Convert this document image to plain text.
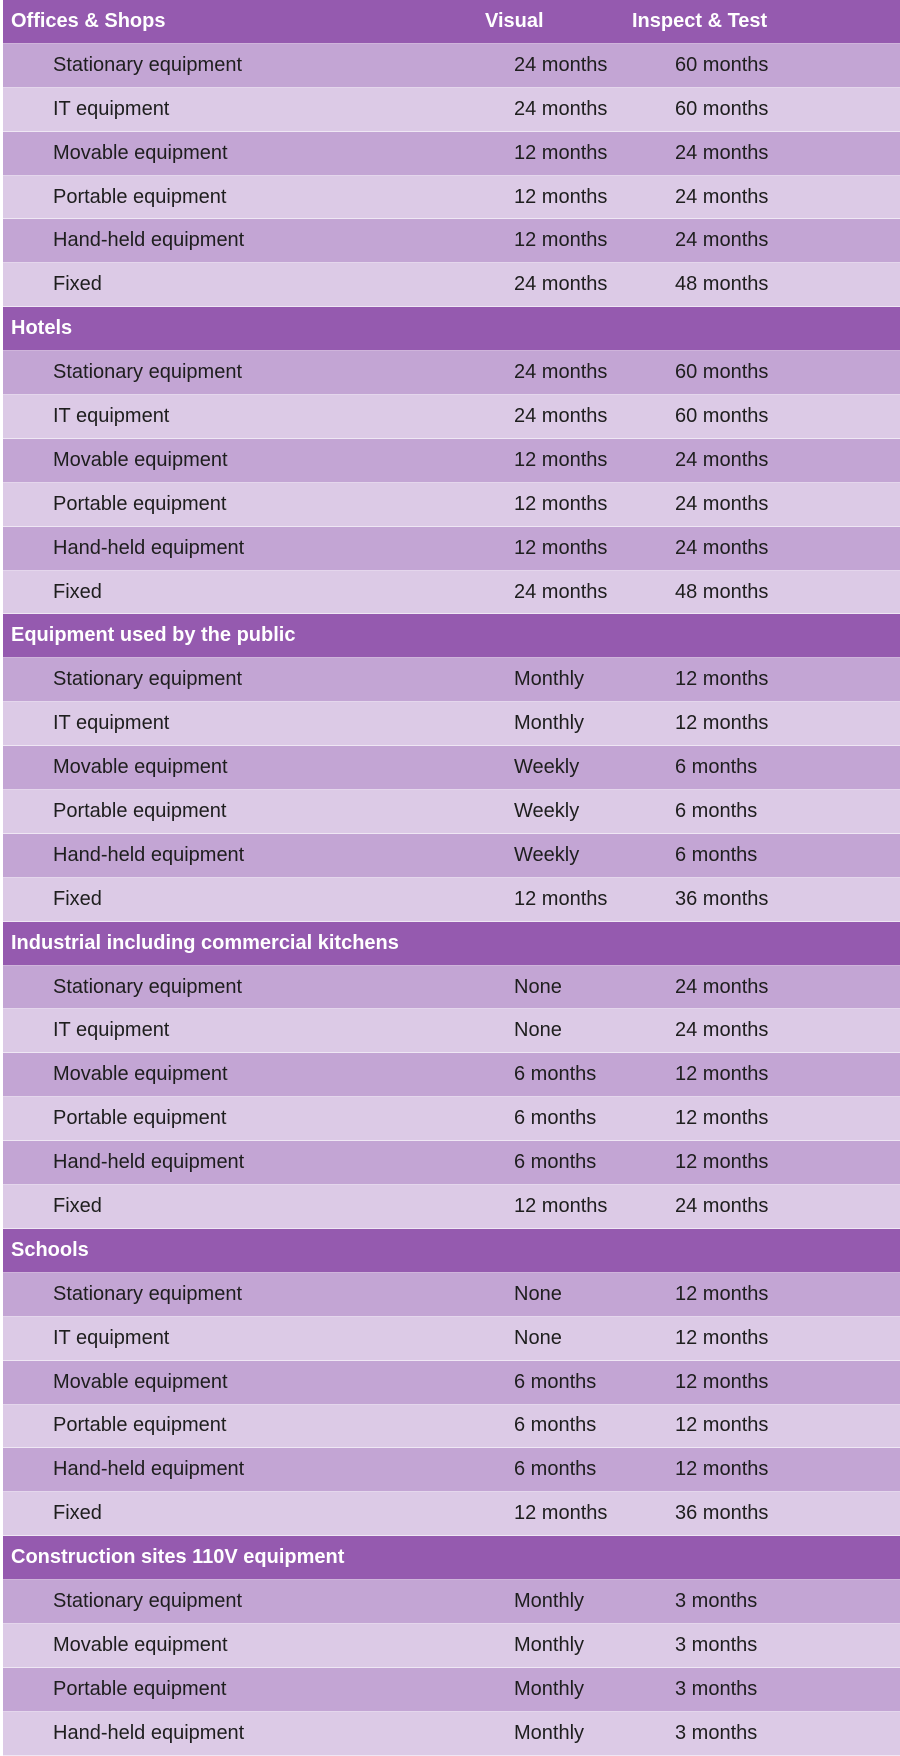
Offices & Shops	Visual	Inspect & Test
Stationary equipment	24 months	60 months
IT equipment	24 months	60 months
Movable equipment	12 months	24 months
Portable equipment	12 months	24 months
Hand-held equipment	12 months	24 months
Fixed	24 months	48 months
Hotels
Stationary equipment	24 months	60 months
IT equipment	24 months	60 months
Movable equipment	12 months	24 months
Portable equipment	12 months	24 months
Hand-held equipment	12 months	24 months
Fixed	24 months	48 months
Equipment used by the public
Stationary equipment	Monthly	12 months
IT equipment	Monthly	12 months
Movable equipment	Weekly	6 months
Portable equipment	Weekly	6 months
Hand-held equipment	Weekly	6 months
Fixed	12 months	36 months
Industrial including commercial kitchens
Stationary equipment	None	24 months
IT equipment	None	24 months
Movable equipment	6 months	12 months
Portable equipment	6 months	12 months
Hand-held equipment	6 months	12 months
Fixed	12 months	24 months
Schools
Stationary equipment	None	12 months
IT equipment	None	12 months
Movable equipment	6 months	12 months
Portable equipment	6 months	12 months
Hand-held equipment	6 months	12 months
Fixed	12 months	36 months
Construction sites 110V equipment
Stationary equipment	Monthly	3 months
Movable equipment	Monthly	3 months
Portable equipment	Monthly	3 months
Hand-held equipment	Monthly	3 months
